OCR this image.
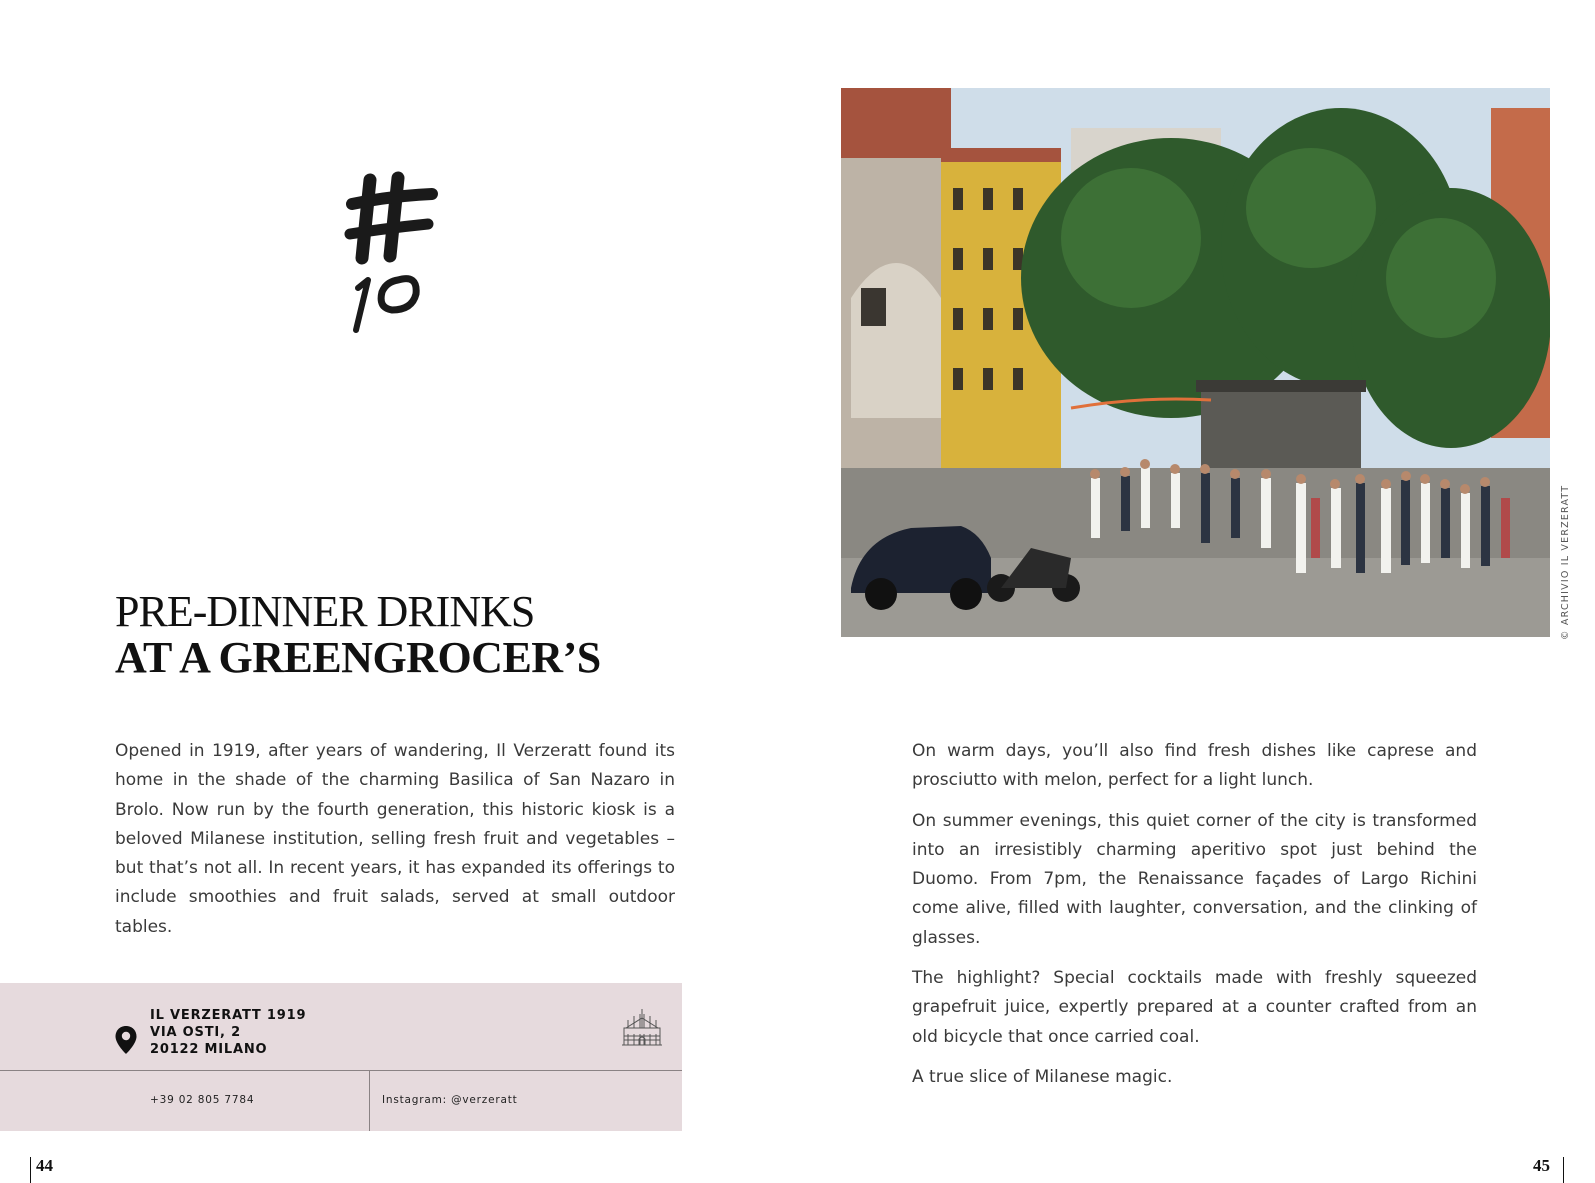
PRE-DINNER DRINKS
AT A GREENGROCER’S

Opened in 1919, after years of wandering, Il Verzeratt found its home in the shade of the charming Basilica of San Nazaro in Brolo. Now run by the fourth generation, this historic kiosk is a beloved Milanese institution, selling fresh fruit and vegetables – but that’s not all. In recent years, it has expanded its offerings to include smoothies and fruit salads, served at small outdoor tables.

IL VERZERATT 1919
VIA OSTI, 2
20122 MILANO
+39 02 805 7784	Instagram: @verzeratt
© ARCHIVIO IL VERZERATT

On warm days, you’ll also find fresh dishes like caprese and prosciutto with melon, perfect for a light lunch.

On summer evenings, this quiet corner of the city is transformed into an irresistibly charming aperitivo spot just behind the Duomo. From 7pm, the Renaissance façades of Largo Richini come alive, filled with laughter, conversation, and the clinking of glasses.

The highlight? Special cocktails made with freshly squeezed grapefruit juice, expertly prepared at a counter crafted from an old bicycle that once carried coal.

A true slice of Milanese magic.

44	45
